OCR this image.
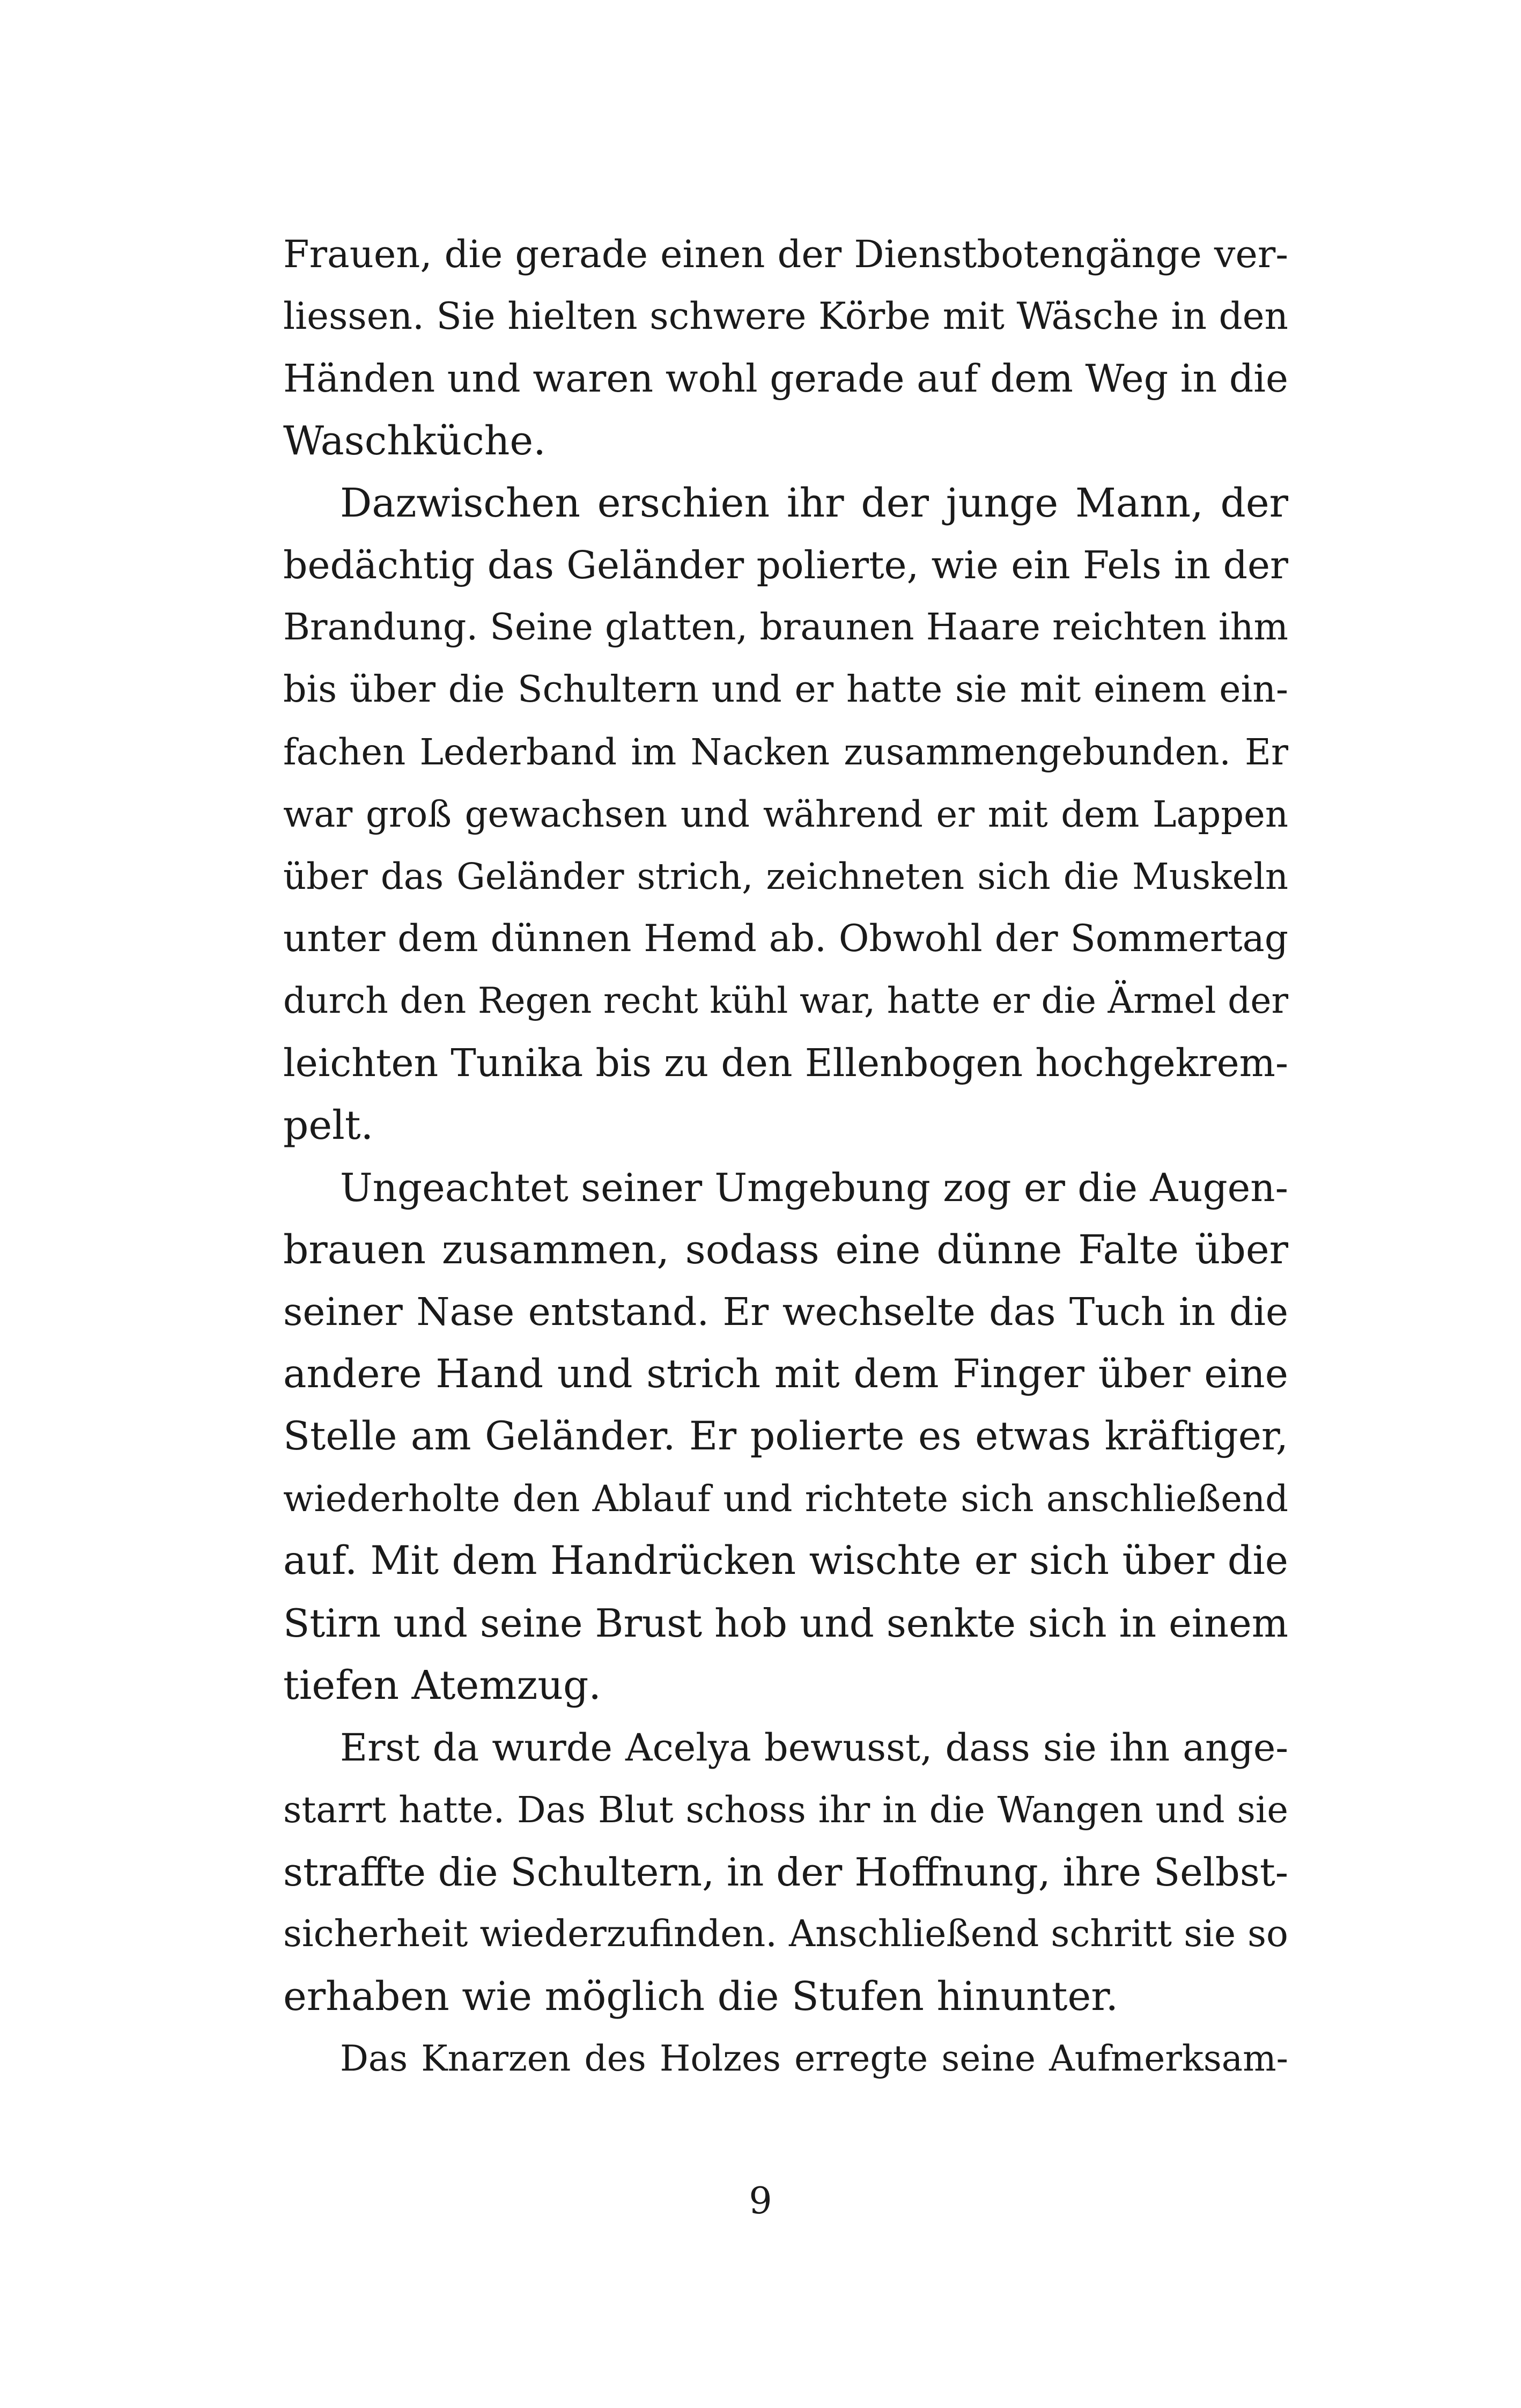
Frauen, die gerade einen der Dienstbotengänge ver-
liessen. Sie hielten schwere Körbe mit Wäsche in den
Händen und waren wohl gerade auf dem Weg in die
Waschküche.
Dazwischen erschien ihr der junge Mann, der
bedächtig das Geländer polierte, wie ein Fels in der
Brandung. Seine glatten, braunen Haare reichten ihm
bis über die Schultern und er hatte sie mit einem ein-
fachen Lederband im Nacken zusammengebunden. Er
war groß gewachsen und während er mit dem Lappen
über das Geländer strich, zeichneten sich die Muskeln
unter dem dünnen Hemd ab. Obwohl der Sommertag
durch den Regen recht kühl war, hatte er die Ärmel der
leichten Tunika bis zu den Ellenbogen hochgekrem-
pelt.
Ungeachtet seiner Umgebung zog er die Augen-
brauen zusammen, sodass eine dünne Falte über
seiner Nase entstand. Er wechselte das Tuch in die
andere Hand und strich mit dem Finger über eine
Stelle am Geländer. Er polierte es etwas kräftiger,
wiederholte den Ablauf und richtete sich anschließend
auf. Mit dem Handrücken wischte er sich über die
Stirn und seine Brust hob und senkte sich in einem
tiefen Atemzug.
Erst da wurde Acelya bewusst, dass sie ihn ange-
starrt hatte. Das Blut schoss ihr in die Wangen und sie
straffte die Schultern, in der Hoffnung, ihre Selbst-
sicherheit wiederzufinden. Anschließend schritt sie so
erhaben wie möglich die Stufen hinunter.
Das Knarzen des Holzes erregte seine Aufmerksam-
9
